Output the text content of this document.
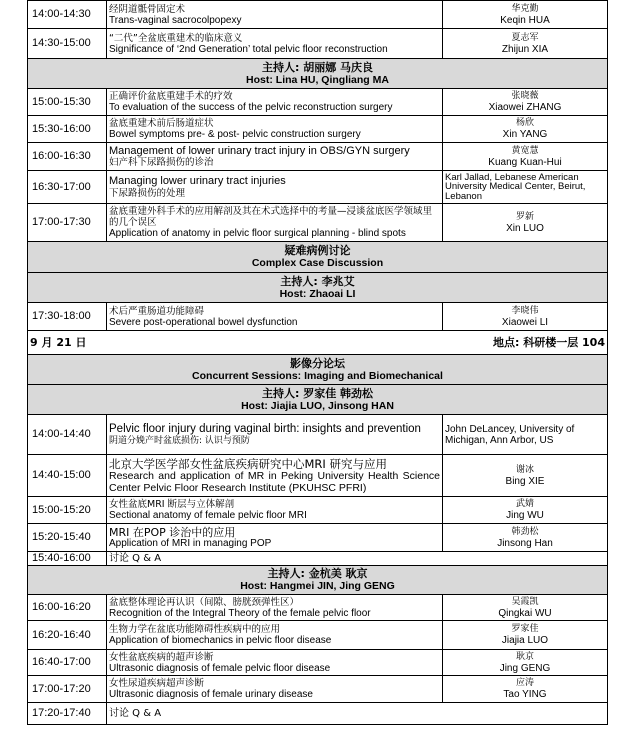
14:00-14:30	经阴道骶骨固定术
Trans-vaginal sacrocolpopexy	华克勤
Keqin HUA

14:30-15:00	“二代”全盆底重建术的临床意义
Significance of ‘2nd Generation’ total pelvic floor reconstruction	夏志军
Zhijun XIA

主持人: 胡丽娜 马庆良
Host: Lina HU, Qingliang MA		

15:00-15:30	正确评价盆底重建手术的疗效
To evaluation of the success of the pelvic reconstruction surgery	张晓薇
Xiaowei ZHANG

15:30-16:00	盆底重建术前后肠道症状
Bowel symptoms pre- & post- pelvic construction surgery	杨欣
Xin YANG

16:00-16:30	Management of lower urinary tract injury in OBS/GYN surgery
妇产科下尿路损伤的诊治	黄宽慧
Kuang Kuan-Hui

16:30-17:00	Managing lower urinary tract injuries
下尿路损伤的处理	Karl Jallad, Lebanese American University Medical Center, Beirut, Lebanon

17:00-17:30	盆底重建外科手术的应用解剖及其在术式选择中的考量—浸谈盆底医学领域里的几个误区
Application of anatomy in pelvic floor surgical planning - blind spots	罗新
Xin LUO

疑难病例讨论
Complex Case Discussion		

主持人: 李兆艾
Host: Zhaoai LI		

17:30-18:00	术后严重肠道功能障碍
Severe post-operational bowel dysfunction	李晓伟
Xiaowei LI

9 月 21 日 地点: 科研楼一层 104		

影像分论坛
Concurrent Sessions: Imaging and Biomechanical		

主持人: 罗家佳 韩劲松
Host: Jiajia LUO, Jinsong HAN		

14:00-14:40	Pelvic floor injury during vaginal birth: insights and prevention
阴道分娩产时盆底损伤: 认识与预防	John DeLancey, University of Michigan, Ann Arbor, US

14:40-15:00	北京大学医学部女性盆底疾病研究中心MRI 研究与应用
Research and application of MR in Peking University Health Science Center Pelvic Floor Research Institute (PKUHSC PFRI)	谢冰
Bing XIE

15:00-15:20	女性盆底MRI 断层与立体解剖
Sectional anatomy of female pelvic floor MRI	武婧
Jing WU

15:20-15:40	MRI 在POP 诊治中的应用
Application of MRI in managing POP	韩劲松
Jinsong Han

15:40-16:00	讨论 Q & A	

主持人: 金杭美 耿京
Host: Hangmei JIN, Jing GENG		

16:00-16:20	盆底整体理论再认识（间隙、膀胱颈弹性区）
Recognition of the Integral Theory of the female pelvic floor	吴霞凯
Qingkai WU

16:20-16:40	生物力学在盆底功能障碍性疾病中的应用
Application of biomechanics in pelvic floor disease	罗家佳
Jiajia LUO

16:40-17:00	女性盆底疾病的超声诊断
Ultrasonic diagnosis of female pelvic floor disease	耿京
Jing GENG

17:00-17:20	女性尿道疾病超声诊断
Ultrasonic diagnosis of female urinary disease	应涛
Tao YING

17:20-17:40	讨论 Q & A	
